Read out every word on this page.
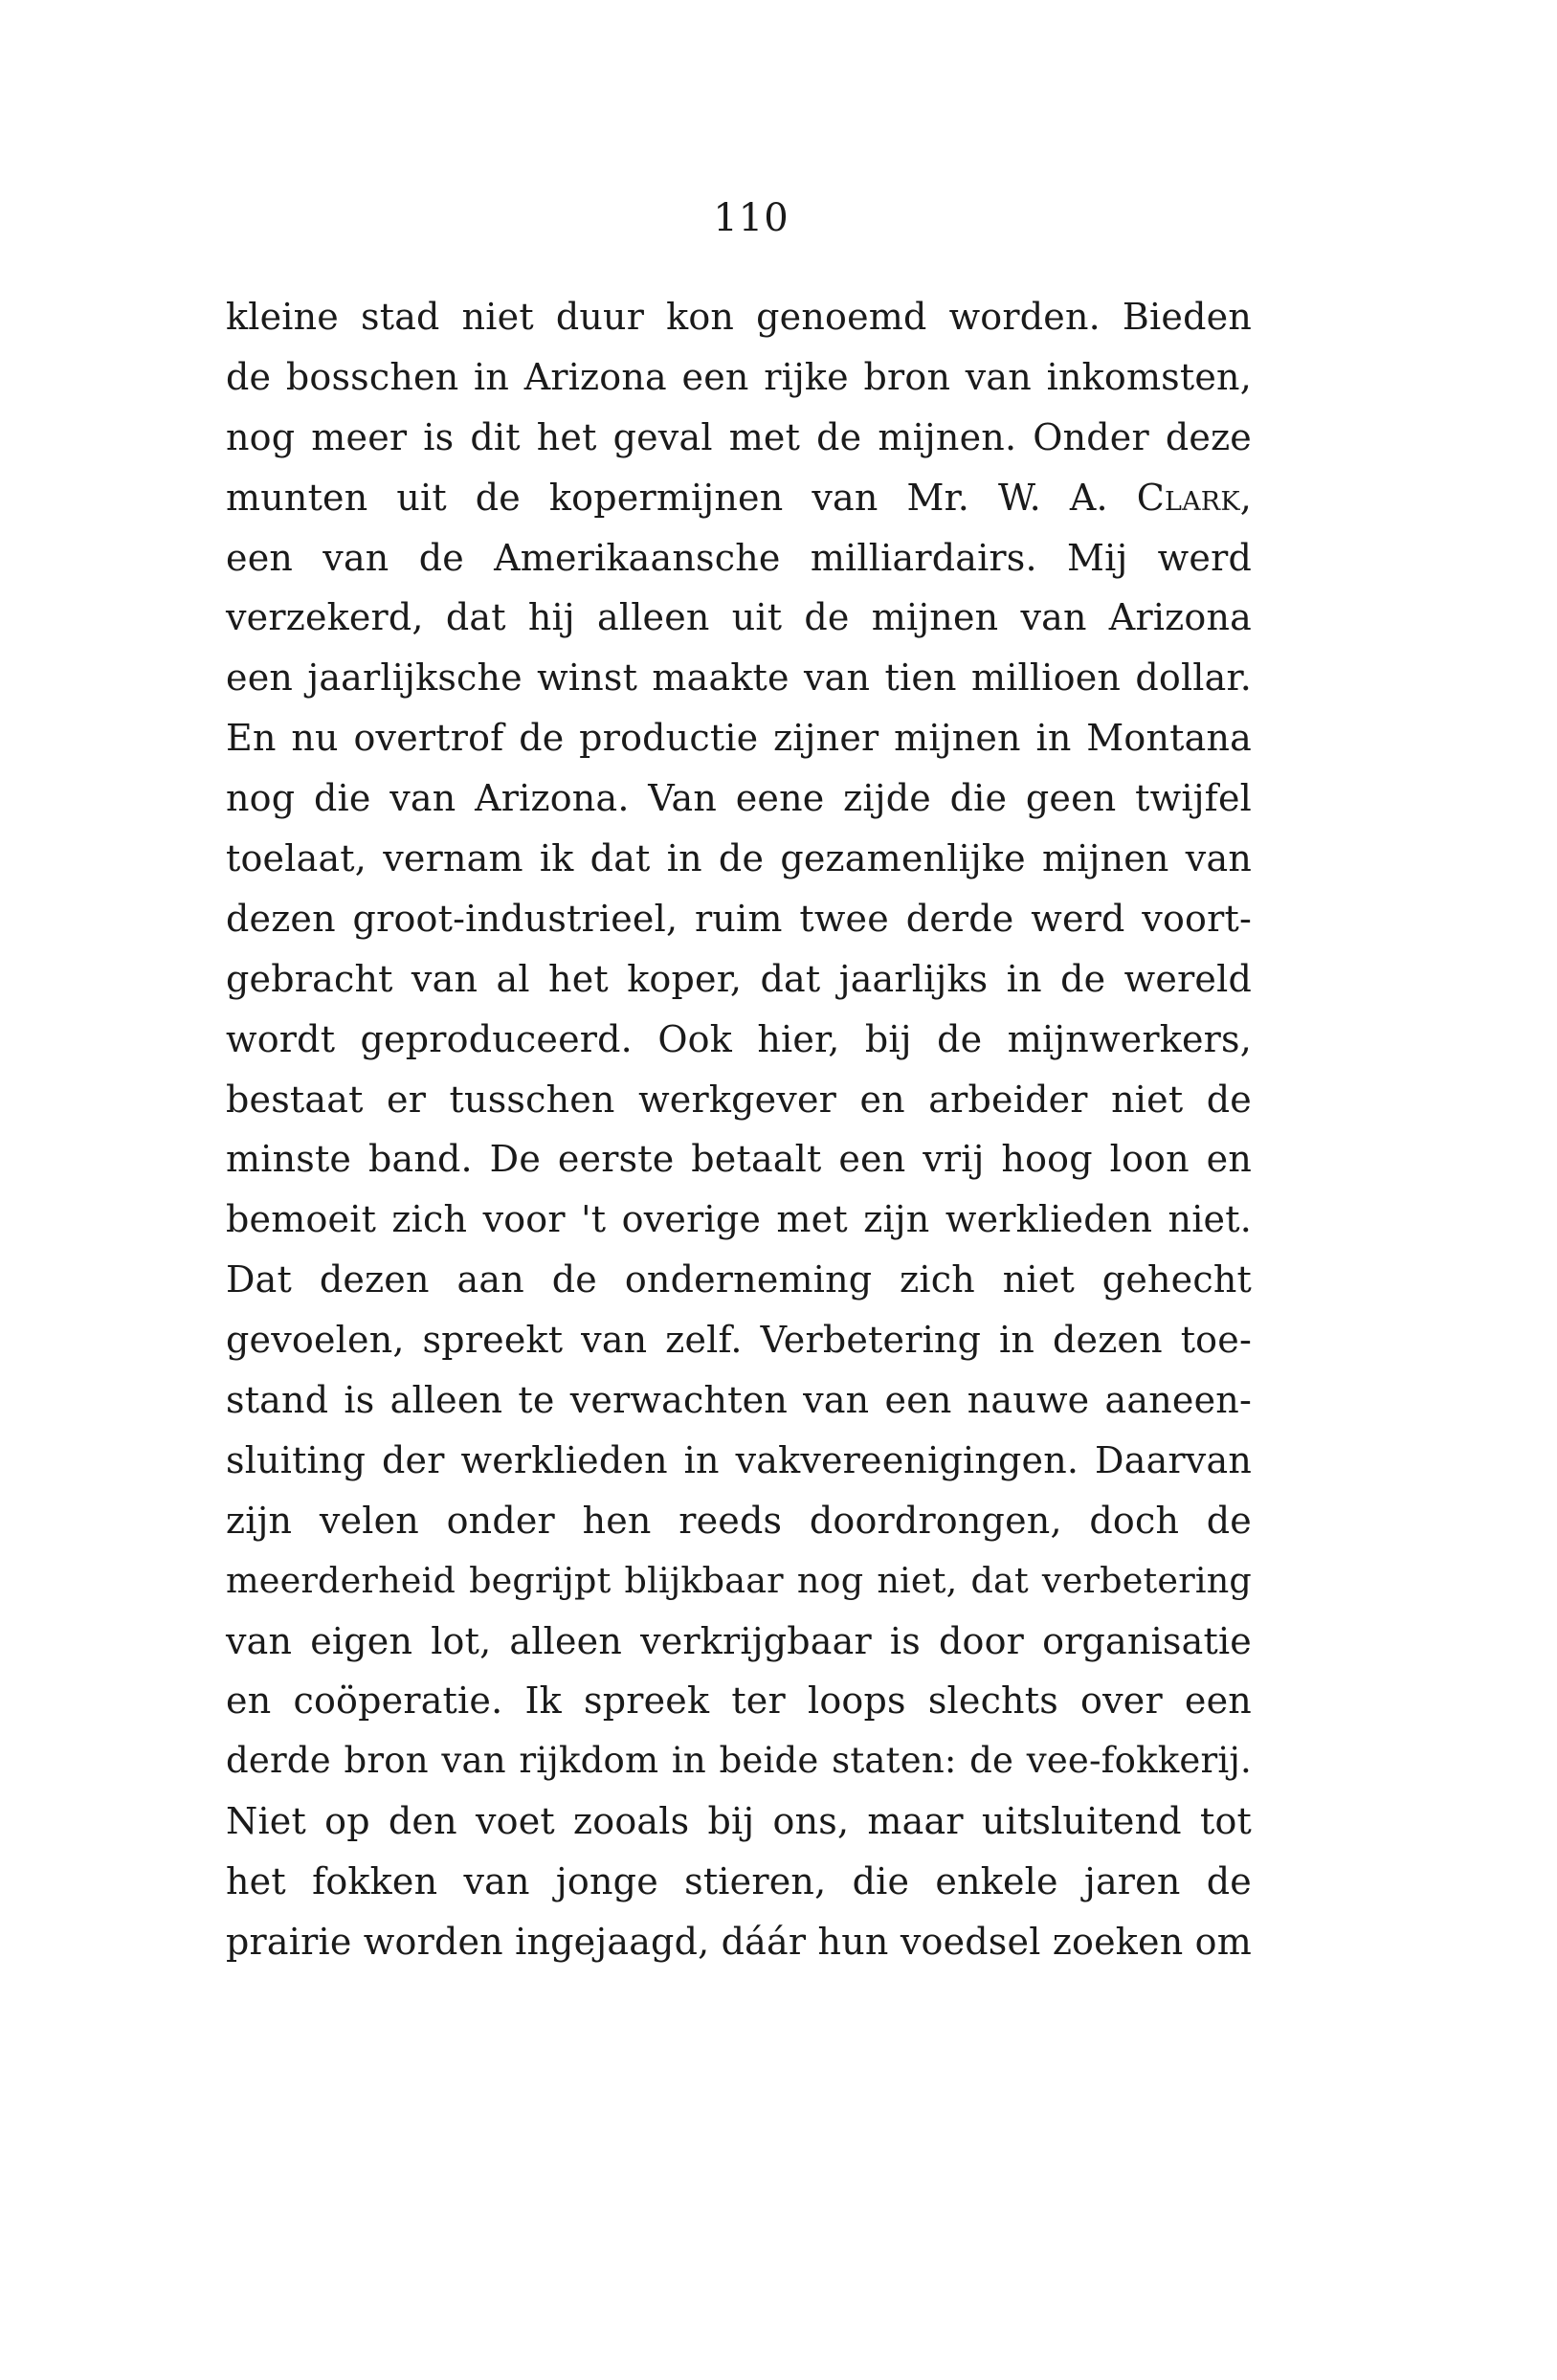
110
kleine stad niet duur kon genoemd worden. Bieden
de bosschen in Arizona een rijke bron van inkomsten,
nog meer is dit het geval met de mijnen. Onder deze
munten uit de kopermijnen van Mr. W. A. Clark,
een van de Amerikaansche milliardairs. Mij werd
verzekerd, dat hij alleen uit de mijnen van Arizona
een jaarlijksche winst maakte van tien millioen dollar.
En nu overtrof de productie zijner mijnen in Montana
nog die van Arizona. Van eene zijde die geen twijfel
toelaat, vernam ik dat in de gezamenlijke mijnen van
dezen groot-industrieel, ruim twee derde werd voort-
gebracht van al het koper, dat jaarlijks in de wereld
wordt geproduceerd. Ook hier, bij de mijnwerkers,
bestaat er tusschen werkgever en arbeider niet de
minste band. De eerste betaalt een vrij hoog loon en
bemoeit zich voor 't overige met zijn werklieden niet.
Dat dezen aan de onderneming zich niet gehecht
gevoelen, spreekt van zelf. Verbetering in dezen toe-
stand is alleen te verwachten van een nauwe aaneen-
sluiting der werklieden in vakvereenigingen. Daarvan
zijn velen onder hen reeds doordrongen, doch de
meerderheid begrijpt blijkbaar nog niet, dat verbetering
van eigen lot, alleen verkrijgbaar is door organisatie
en coöperatie. Ik spreek ter loops slechts over een
derde bron van rijkdom in beide staten: de vee-fokkerij.
Niet op den voet zooals bij ons, maar uitsluitend tot
het fokken van jonge stieren, die enkele jaren de
prairie worden ingejaagd, dáár hun voedsel zoeken om
